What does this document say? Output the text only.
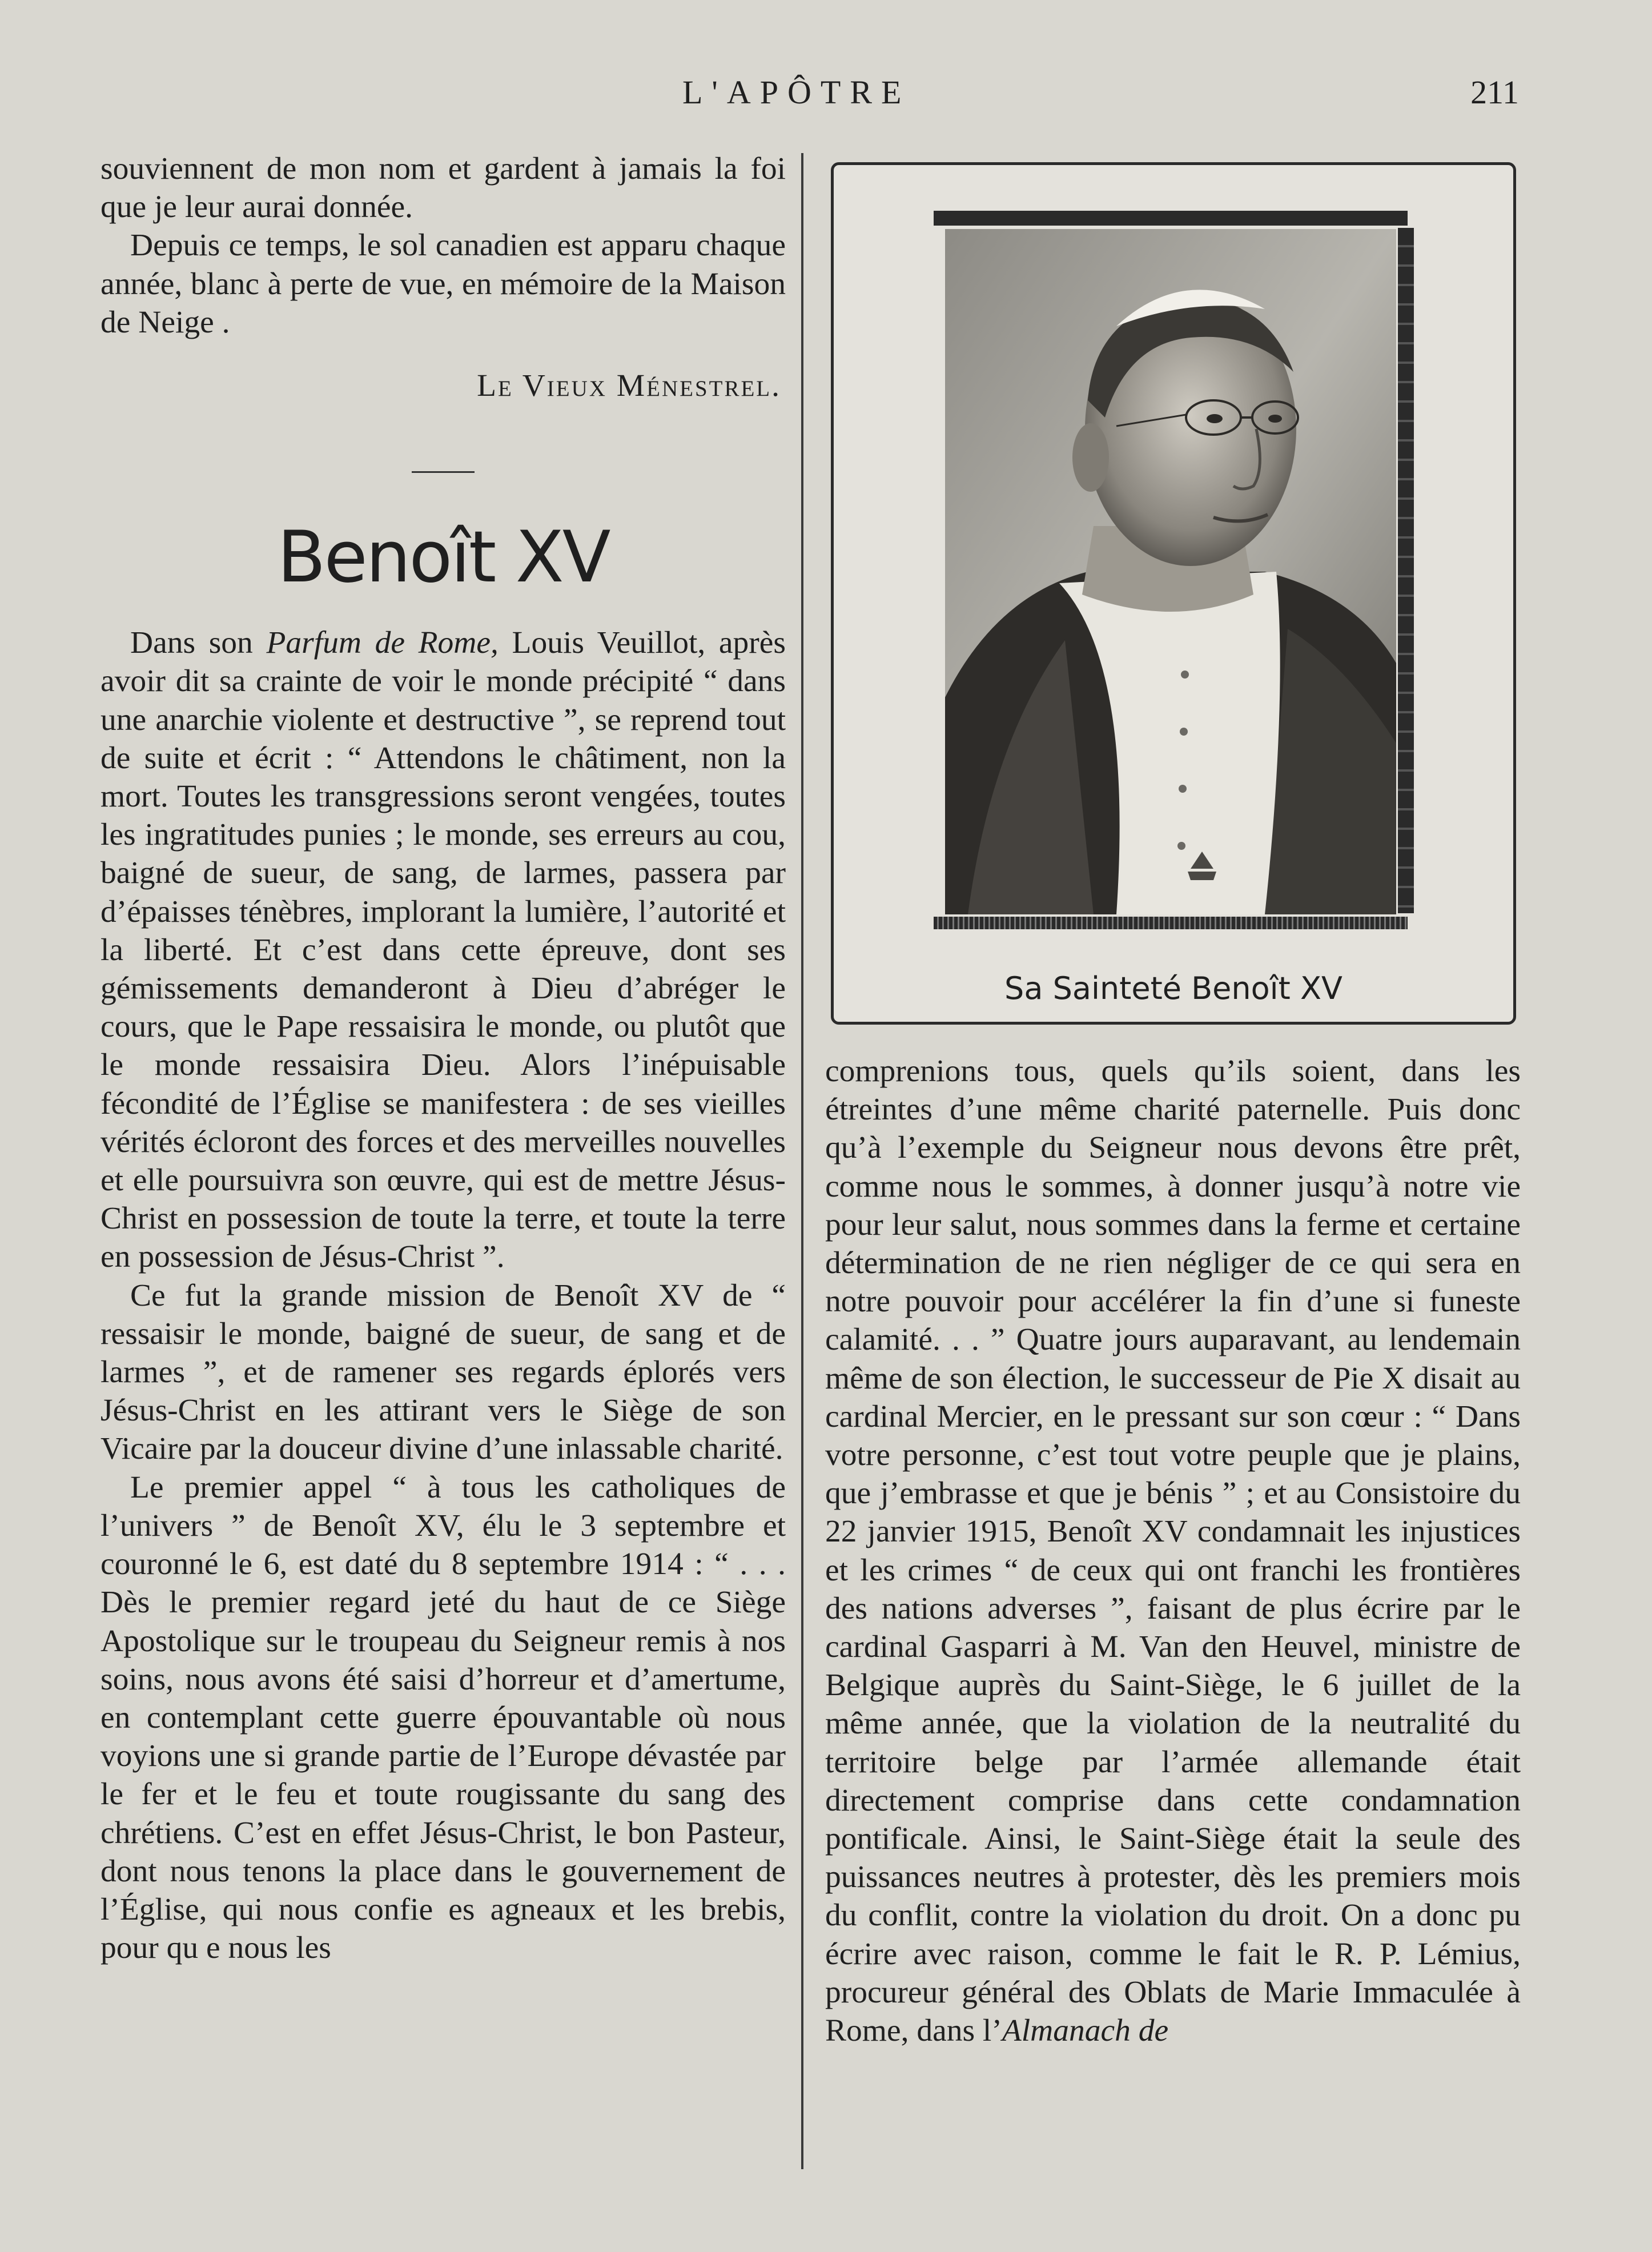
L'APÔTRE	211

souviennent de mon nom et gardent à jamais la foi que je leur aurai donnée.

Depuis ce temps, le sol canadien est apparu chaque année, blanc à perte de vue, en mémoire de la Maison de Neige .

Le Vieux Ménestrel.

Benoît XV

Dans son Parfum de Rome, Louis Veuillot, après avoir dit sa crainte de voir le monde précipité “ dans une anarchie violente et destructive ”, se reprend tout de suite et écrit : “ Attendons le châtiment, non la mort. Toutes les transgressions seront vengées, toutes les ingratitudes punies ; le monde, ses erreurs au cou, baigné de sueur, de sang, de larmes, passera par d’épaisses ténèbres, implorant la lumière, l’autorité et la liberté. Et c’est dans cette épreuve, dont ses gémissements demanderont à Dieu d’abréger le cours, que le Pape ressaisira le monde, ou plutôt que le monde ressaisira Dieu. Alors l’inépuisable fécondité de l’Église se manifestera : de ses vieilles vérités écloront des forces et des merveilles nouvelles et elle poursuivra son œuvre, qui est de mettre Jésus-Christ en possession de toute la terre, et toute la terre en possession de Jésus-Christ ”.

Ce fut la grande mission de Benoît XV de “ ressaisir le monde, baigné de sueur, de sang et de larmes ”, et de ramener ses regards éplorés vers Jésus-Christ en les attirant vers le Siège de son Vicaire par la douceur divine d’une inlassable charité.

Le premier appel “ à tous les catholiques de l’univers ” de Benoît XV, élu le 3 septembre et couronné le 6, est daté du 8 septembre 1914 : “ . . . Dès le premier regard jeté du haut de ce Siège Apostolique sur le troupeau du Seigneur remis à nos soins, nous avons été saisi d’horreur et d’amertume, en contemplant cette guerre épouvantable où nous voyions une si grande partie de l’Europe dévastée par le fer et le feu et toute rougissante du sang des chrétiens. C’est en effet Jésus-Christ, le bon Pasteur, dont nous tenons la place dans le gouvernement de l’Église, qui nous confie es agneaux et les brebis, pour qu e nous les

Sa Sainteté Benoît XV

comprenions tous, quels qu’ils soient, dans les étreintes d’une même charité paternelle. Puis donc qu’à l’exemple du Seigneur nous devons être prêt, comme nous le sommes, à donner jusqu’à notre vie pour leur salut, nous sommes dans la ferme et certaine détermination de ne rien négliger de ce qui sera en notre pouvoir pour accélérer la fin d’une si funeste calamité. . . ” Quatre jours auparavant, au lendemain même de son élection, le successeur de Pie X disait au cardinal Mercier, en le pressant sur son cœur : “ Dans votre personne, c’est tout votre peuple que je plains, que j’embrasse et que je bénis ” ; et au Consistoire du 22 janvier 1915, Benoît XV condamnait les injustices et les crimes “ de ceux qui ont franchi les frontières des nations adverses ”, faisant de plus écrire par le cardinal Gasparri à M. Van den Heuvel, ministre de Belgique auprès du Saint-Siège, le 6 juillet de la même année, que la violation de la neutralité du territoire belge par l’armée allemande était directement comprise dans cette condamnation pontificale. Ainsi, le Saint-Siège était la seule des puissances neutres à protester, dès les premiers mois du conflit, contre la violation du droit. On a donc pu écrire avec raison, comme le fait le R. P. Lémius, procureur général des Oblats de Marie Immaculée à Rome, dans l’Almanach de
